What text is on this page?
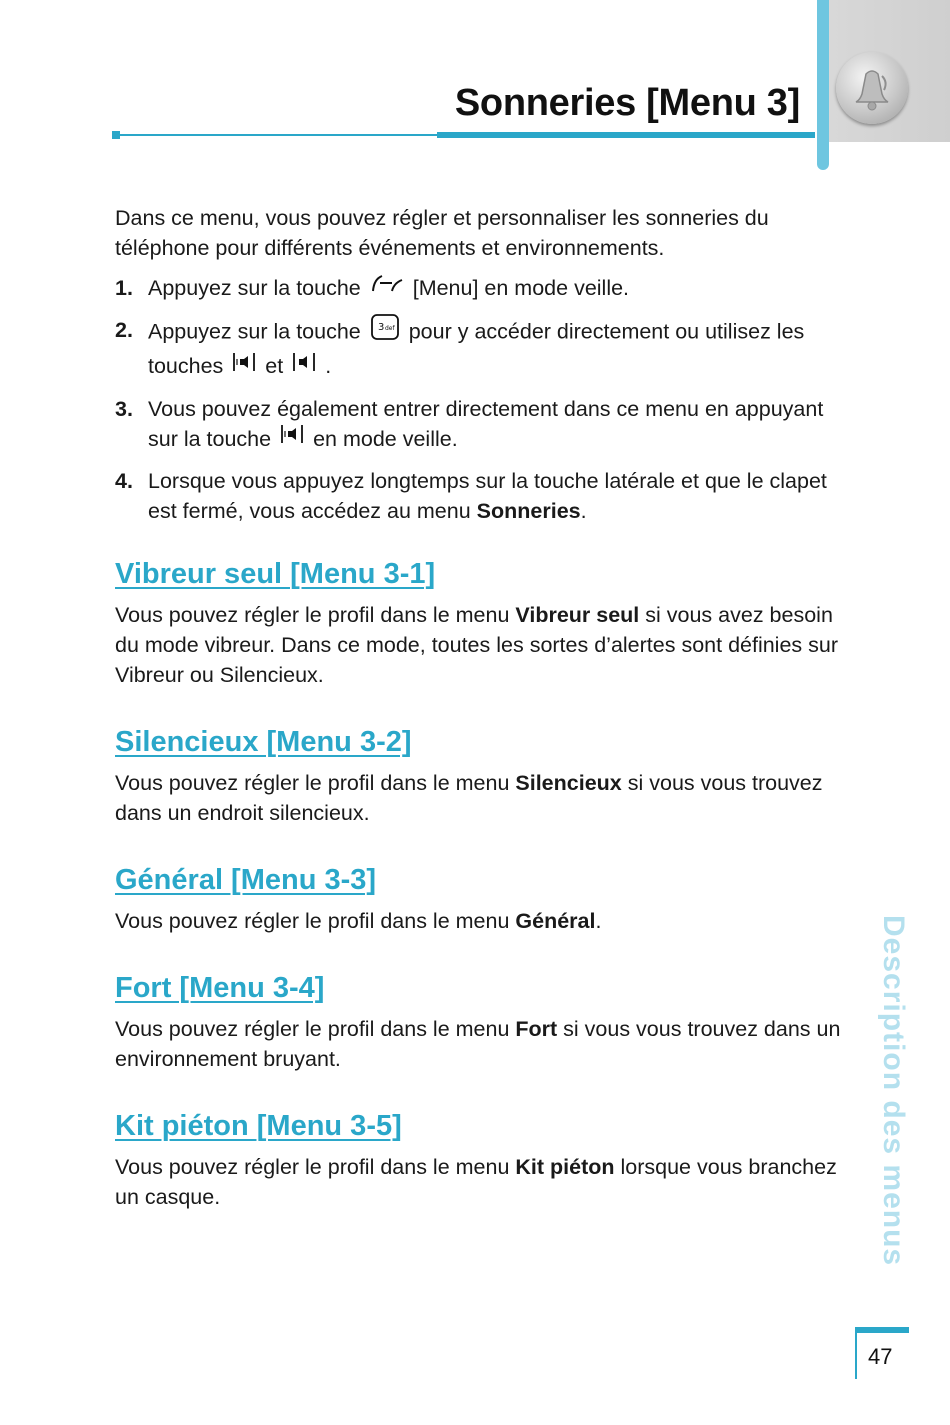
Sonneries [Menu 3]

Dans ce menu, vous pouvez régler et personnaliser les sonneries du téléphone pour différents événements et environnements.

1. Appuyez sur la touche [Menu] en mode veille.
2. Appuyez sur la touche 3 def pour y accéder directement ou utilisez les touches et .
3. Vous pouvez également entrer directement dans ce menu en appuyant sur la touche en mode veille.
4. Lorsque vous appuyez longtemps sur la touche latérale et que le clapet est fermé, vous accédez au menu Sonneries.
Vibreur seul [Menu 3-1]

Vous pouvez régler le profil dans le menu Vibreur seul si vous avez besoin du mode vibreur. Dans ce mode, toutes les sortes d’alertes sont définies sur Vibreur ou Silencieux.

Silencieux [Menu 3-2]

Vous pouvez régler le profil dans le menu Silencieux si vous vous trouvez dans un endroit silencieux.

Général [Menu 3-3]

Vous pouvez régler le profil dans le menu Général.

Fort [Menu 3-4]

Vous pouvez régler le profil dans le menu Fort si vous vous trouvez dans un environnement bruyant.

Kit piéton [Menu 3-5]

Vous pouvez régler le profil dans le menu Kit piéton lorsque vous branchez un casque.	Description des menus
47
